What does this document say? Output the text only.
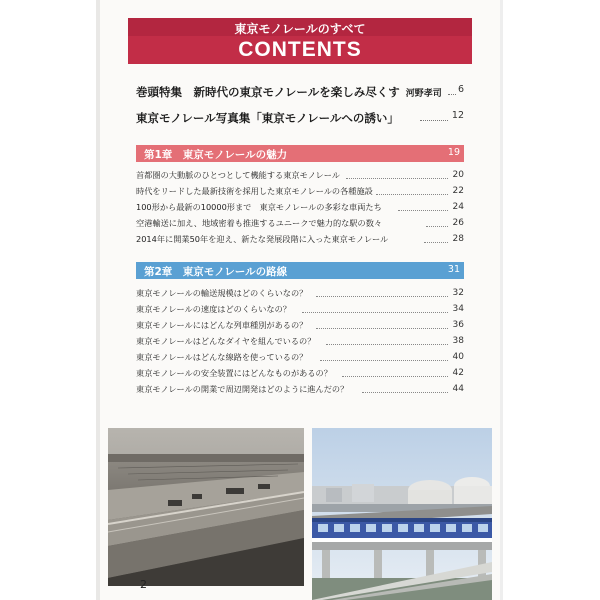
東京モノレールのすべて
CONTENTS
巻頭特集　新時代の東京モノレールを楽しみ尽くす 河野孝司 6
東京モノレール写真集「東京モノレールへの誘い」	12
第1章　東京モノレールの魅力	19
首都圏の大動脈のひとつとして機能する東京モノレール	20
時代をリードした最新技術を採用した東京モノレールの各種施設	22
100形から最新の10000形まで　東京モノレールの多彩な車両たち	24
空港輸送に加え、地域密着も推進するユニークで魅力的な駅の数々	26
2014年に開業50年を迎え、新たな発展段階に入った東京モノレール	28
第2章　東京モノレールの路線	31
東京モノレールの輸送規模はどのくらいなの？	32
東京モノレールの速度はどのくらいなの？	34
東京モノレールにはどんな列車種別があるの？	36
東京モノレールはどんなダイヤを組んでいるの？	38
東京モノレールはどんな線路を使っているの？	40
東京モノレールの安全装置にはどんなものがあるの？	42
東京モノレールの開業で周辺開発はどのように進んだの？	44
2
